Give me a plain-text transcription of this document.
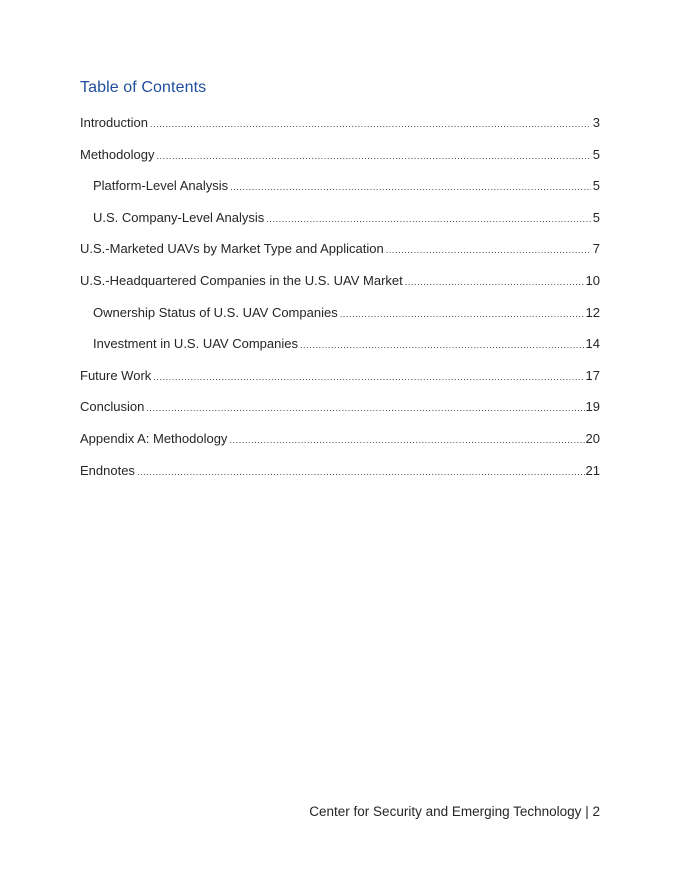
Table of Contents
Introduction .....	3
Methodology .....	5
Platform-Level Analysis .....	5
U.S. Company-Level Analysis .....	5
U.S.-Marketed UAVs by Market Type and Application .....	7
U.S.-Headquartered Companies in the U.S. UAV Market .....	10
Ownership Status of U.S. UAV Companies .....	12
Investment in U.S. UAV Companies .....	14
Future Work .....	17
Conclusion .....	19
Appendix A: Methodology .....	20
Endnotes .....	21
Center for Security and Emerging Technology | 2
